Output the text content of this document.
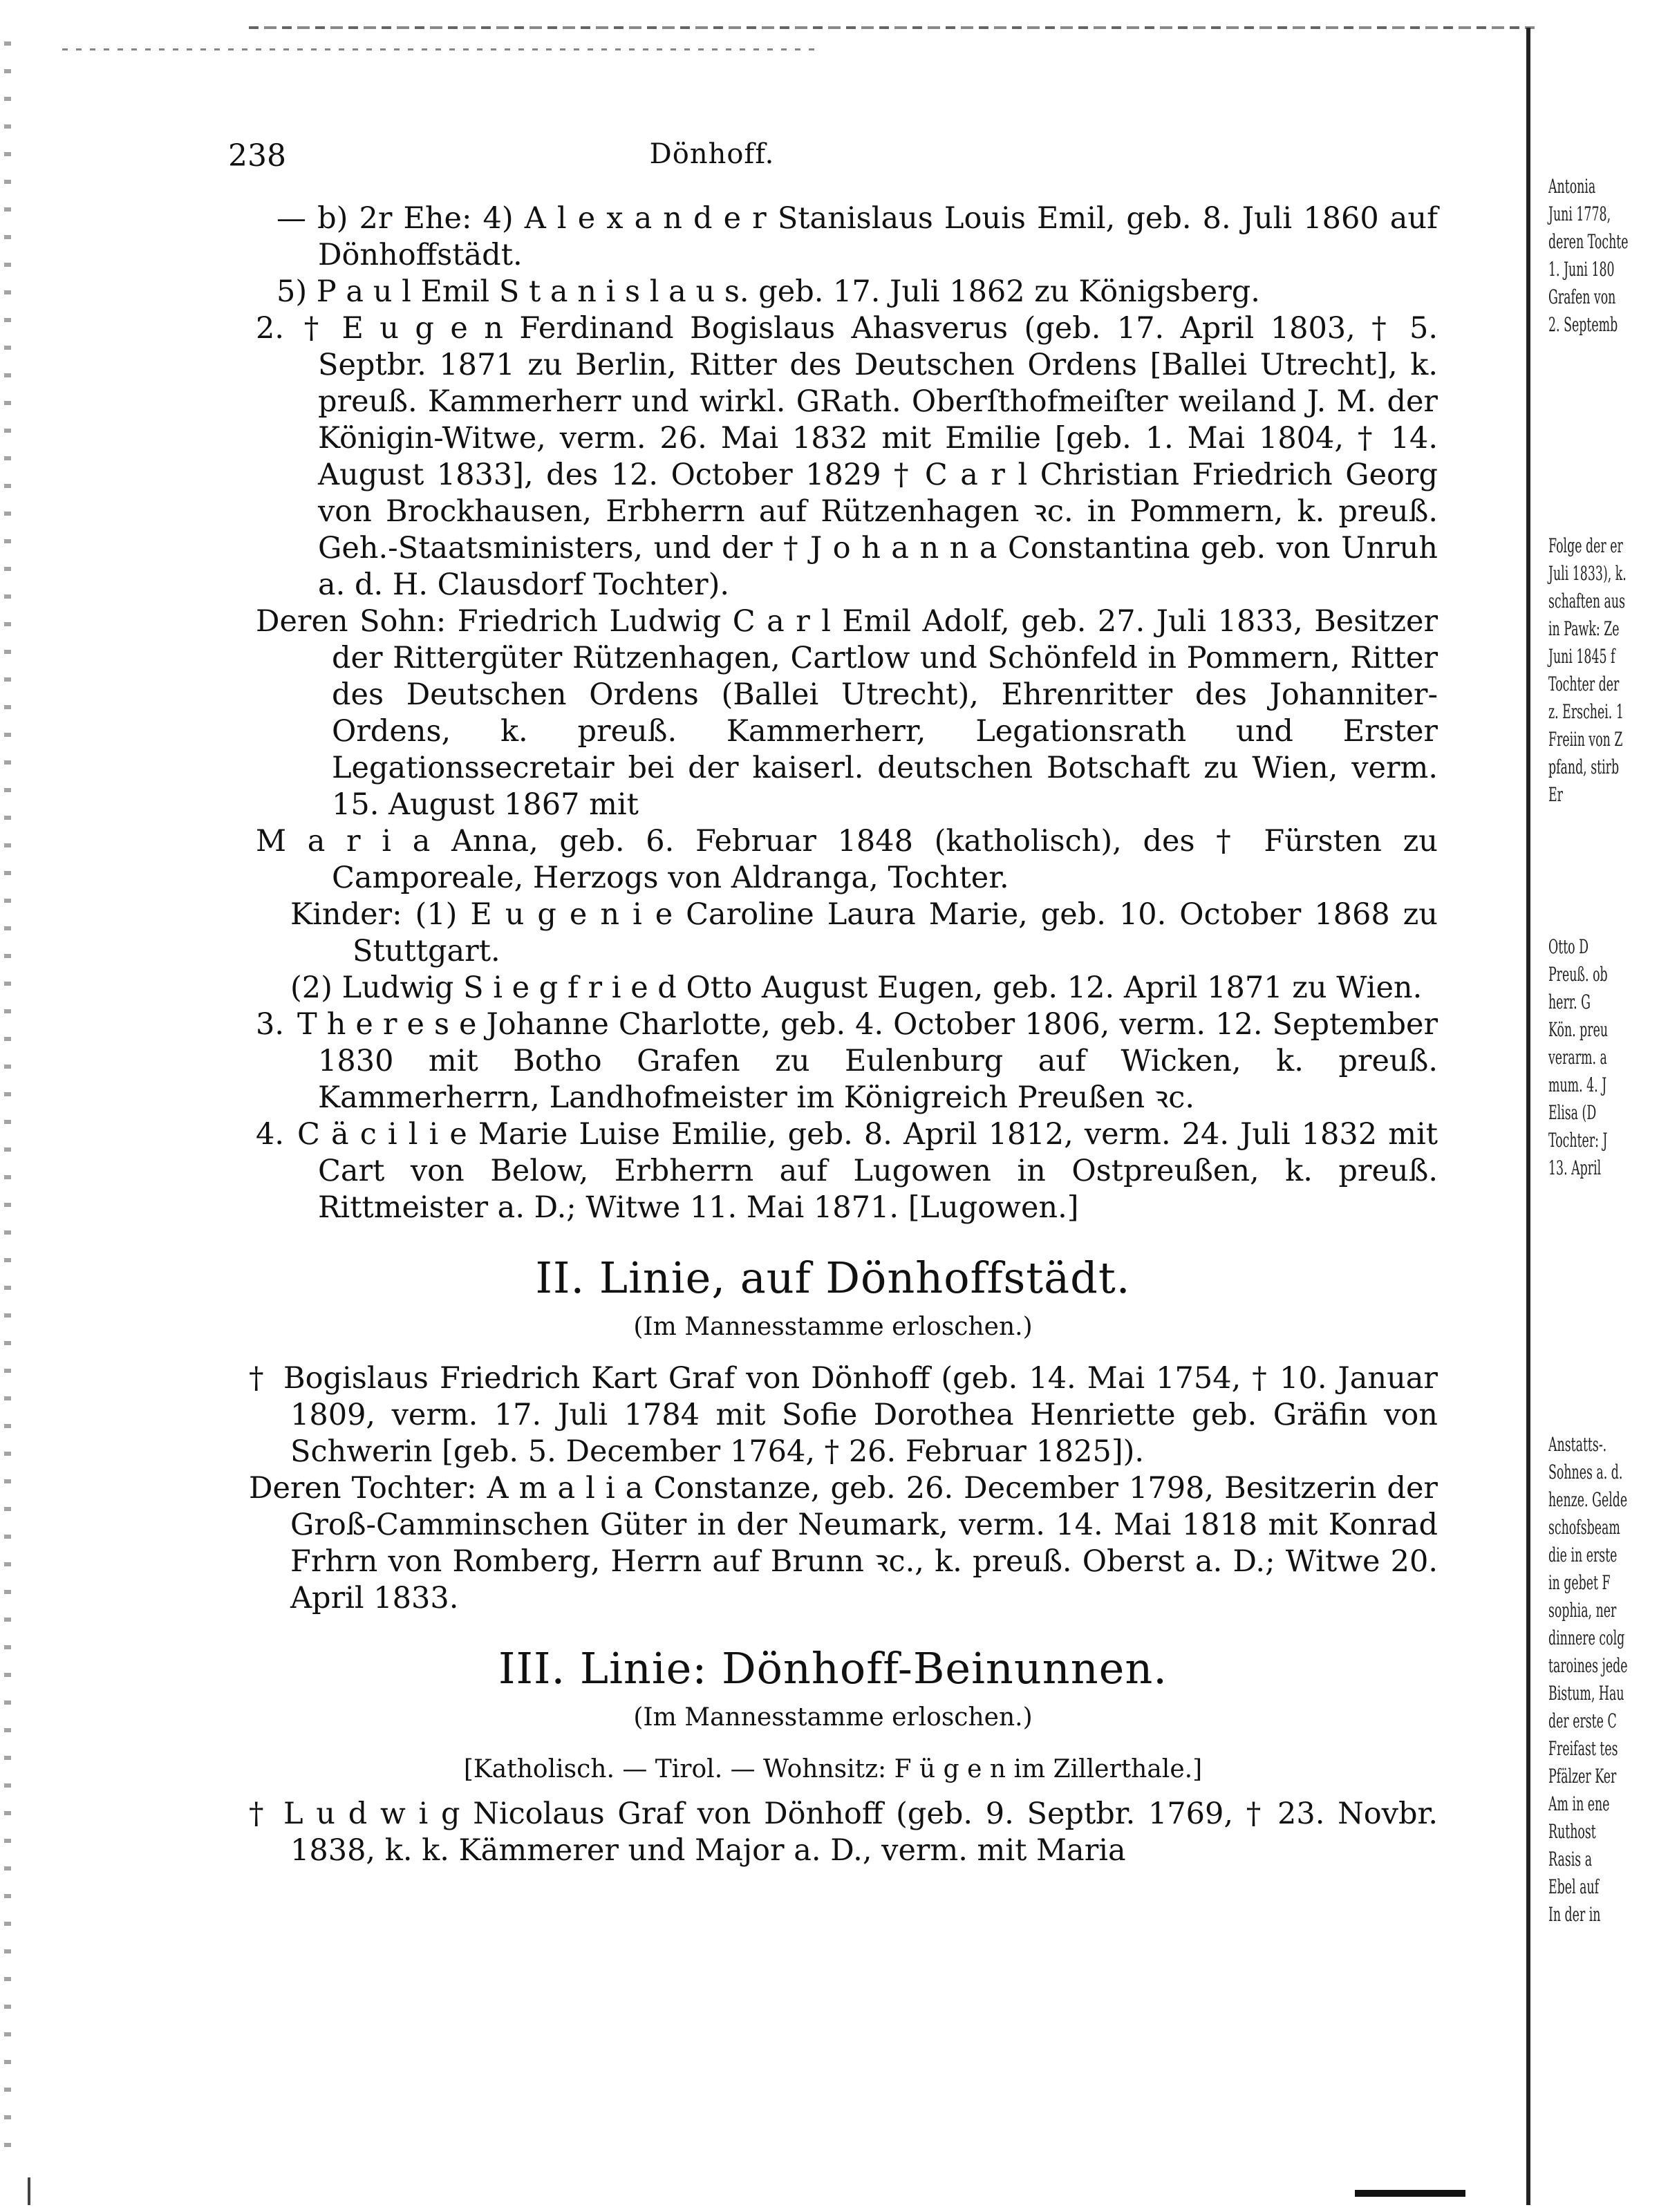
Antonia
Juni 1778,
deren Tochte
1. Juni 180
Grafen von
2. Septemb
Folge der er
Juli 1833), k.
schaften aus
in Pawk: Ze
Juni 1845 f
Tochter der
z. Erschei. 1
Freiin von Z
pfand, stirb
Er
Otto D
Preuß. ob
herr. G
Kön. preu
verarm. a
mum. 4. J
Elisa (D
Tochter: J
13. April
Anstatts-.
Sohnes a. d.
henze. Gelde
schofsbeam
die in erste
in gebet F
sophia, ner
dinnere colg
taroines jede
Bistum, Hau
der erste C
Freifast tes
Pfälzer Ker
Am in ene
Ruthost
Rasis a
Ebel auf
In der in
238	Dönhoff.

— b) 2r Ehe: 4) A l e x a n d e r Stanislaus Louis Emil, geb. 8. Juli 1860 auf Dönhoffstädt.

5) P a u l Emil S t a n i s l a u s. geb. 17. Juli 1862 zu Königsberg.

2. † E u g e n Ferdinand Bogislaus Ahasverus (geb. 17. April 1803, † 5. Septbr. 1871 zu Berlin, Ritter des Deutschen Ordens [Ballei Utrecht], k. preuß. Kammerherr und wirkl. GRath. Oberſthofmeiſter weiland J. M. der Königin-Witwe, verm. 26. Mai 1832 mit Emilie [geb. 1. Mai 1804, † 14. August 1833], des 12. October 1829 † C a r l Christian Friedrich Georg von Brockhausen, Erbherrn auf Rützenhagen ꝛc. in Pommern, k. preuß. Geh.-Staatsministers, und der † J o h a n n a Constantina geb. von Unruh a. d. H. Clausdorf Tochter).

Deren Sohn: Friedrich Ludwig C a r l Emil Adolf, geb. 27. Juli 1833, Besitzer der Rittergüter Rützenhagen, Cartlow und Schönfeld in Pommern, Ritter des Deutschen Ordens (Ballei Utrecht), Ehrenritter des Johanniter-Ordens, k. preuß. Kammerherr, Legationsrath und Erster Legationssecretair bei der kaiserl. deutschen Botschaft zu Wien, verm. 15. August 1867 mit

M a r i a Anna, geb. 6. Februar 1848 (katholisch), des † Fürsten zu Camporeale, Herzogs von Aldranga, Tochter.

Kinder: (1) E u g e n i e Caroline Laura Marie, geb. 10. October 1868 zu Stuttgart.

(2) Ludwig S i e g f r i e d Otto August Eugen, geb. 12. April 1871 zu Wien.

3. T h e r e s e Johanne Charlotte, geb. 4. October 1806, verm. 12. September 1830 mit Botho Grafen zu Eulenburg auf Wicken, k. preuß. Kammerherrn, Landhofmeister im Königreich Preußen ꝛc.

4. C ä c i l i e Marie Luise Emilie, geb. 8. April 1812, verm. 24. Juli 1832 mit Cart von Below, Erbherrn auf Lugowen in Ostpreußen, k. preuß. Rittmeister a. D.; Witwe 11. Mai 1871. [Lugowen.]

II. Linie, auf Dönhoffstädt.
(Im Mannesstamme erloschen.)

† Bogislaus Friedrich Kart Graf von Dönhoff (geb. 14. Mai 1754, † 10. Januar 1809, verm. 17. Juli 1784 mit Sofie Dorothea Henriette geb. Gräfin von Schwerin [geb. 5. December 1764, † 26. Februar 1825]).

Deren Tochter: A m a l i a Constanze, geb. 26. December 1798, Besitzerin der Groß-Camminschen Güter in der Neumark, verm. 14. Mai 1818 mit Konrad Frhrn von Romberg, Herrn auf Brunn ꝛc., k. preuß. Oberst a. D.; Witwe 20. April 1833.

III. Linie: Dönhoff-Beinunnen.
(Im Mannesstamme erloschen.)
[Katholisch. — Tirol. — Wohnsitz: F ü g e n im Zillerthale.]

† L u d w i g Nicolaus Graf von Dönhoff (geb. 9. Septbr. 1769, † 23. Novbr. 1838, k. k. Kämmerer und Major a. D., verm. mit Maria
